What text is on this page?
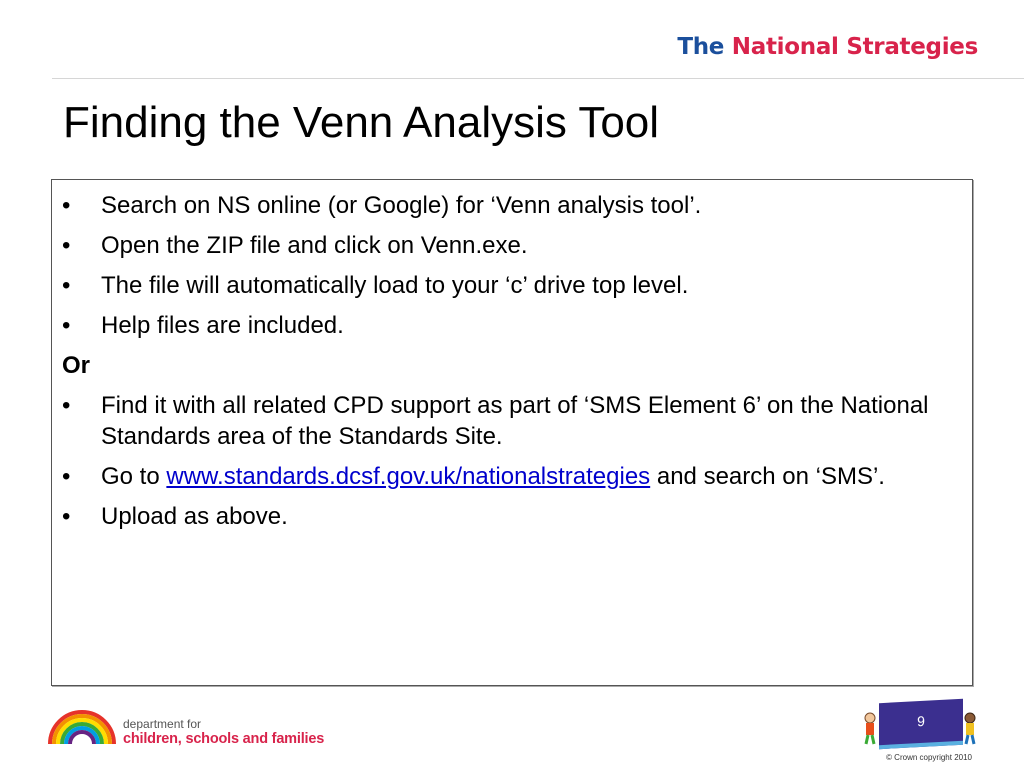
The National Strategies
Finding the Venn Analysis Tool
• Search on NS online (or Google) for ‘Venn analysis tool’.
• Open the ZIP file and click on Venn.exe.
• The file will automatically load to your ‘c’ drive top level.
• Help files are included.
Or
• Find it with all related CPD support as part of ‘SMS Element 6’ on the National Standards area of the Standards Site.
• Go to www.standards.dcsf.gov.uk/nationalstrategies and search on ‘SMS’.
• Upload as above.
department for
children, schools and families
9
© Crown copyright 2010
